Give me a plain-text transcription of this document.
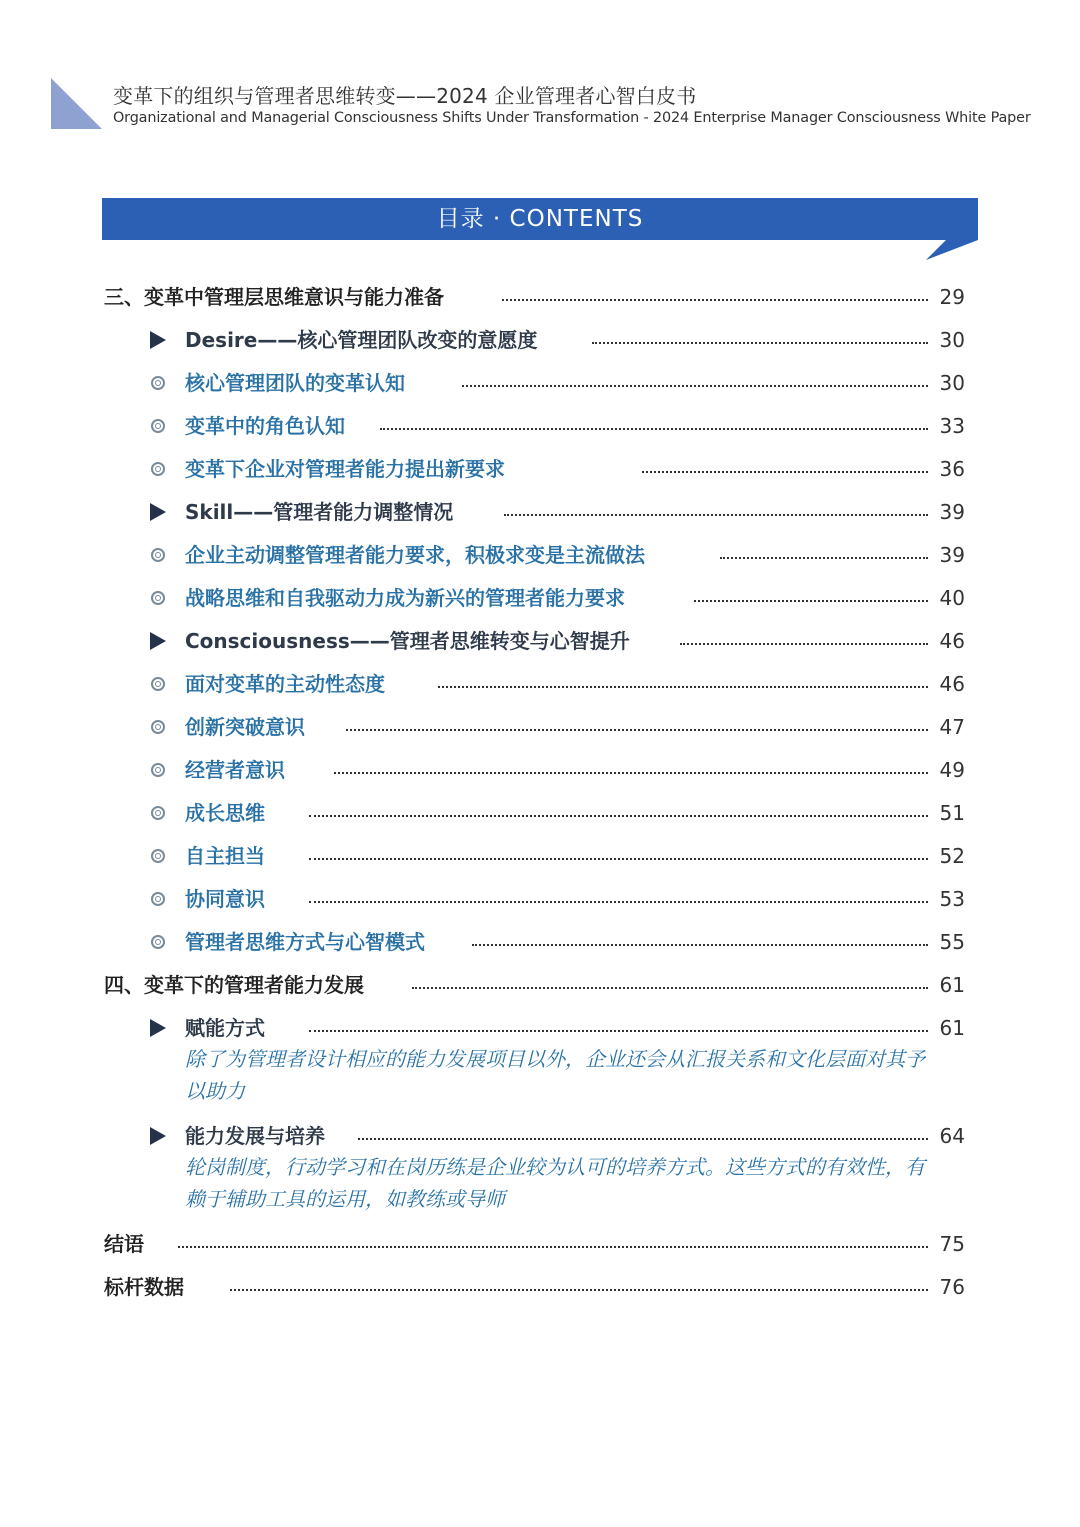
变革下的组织与管理者思维转变——2024 企业管理者心智白皮书
Organizational and Managerial Consciousness Shifts Under Transformation - 2024 Enterprise Manager Consciousness White Paper
目录 · CONTENTS
三、变革中管理层思维意识与能力准备	29
Desire——核心管理团队改变的意愿度	30
核心管理团队的变革认知	30
变革中的角色认知	33
变革下企业对管理者能力提出新要求	36
Skill——管理者能力调整情况	39
企业主动调整管理者能力要求，积极求变是主流做法	39
战略思维和自我驱动力成为新兴的管理者能力要求	40
Consciousness——管理者思维转变与心智提升	46
面对变革的主动性态度	46
创新突破意识	47
经营者意识	49
成长思维	51
自主担当	52
协同意识	53
管理者思维方式与心智模式	55
四、变革下的管理者能力发展	61
赋能方式	61
除了为管理者设计相应的能力发展项目以外，企业还会从汇报关系和文化层面对其予以助力
能力发展与培养	64
轮岗制度，行动学习和在岗历练是企业较为认可的培养方式。这些方式的有效性，有赖于辅助工具的运用，如教练或导师
结语	75
标杆数据	76
